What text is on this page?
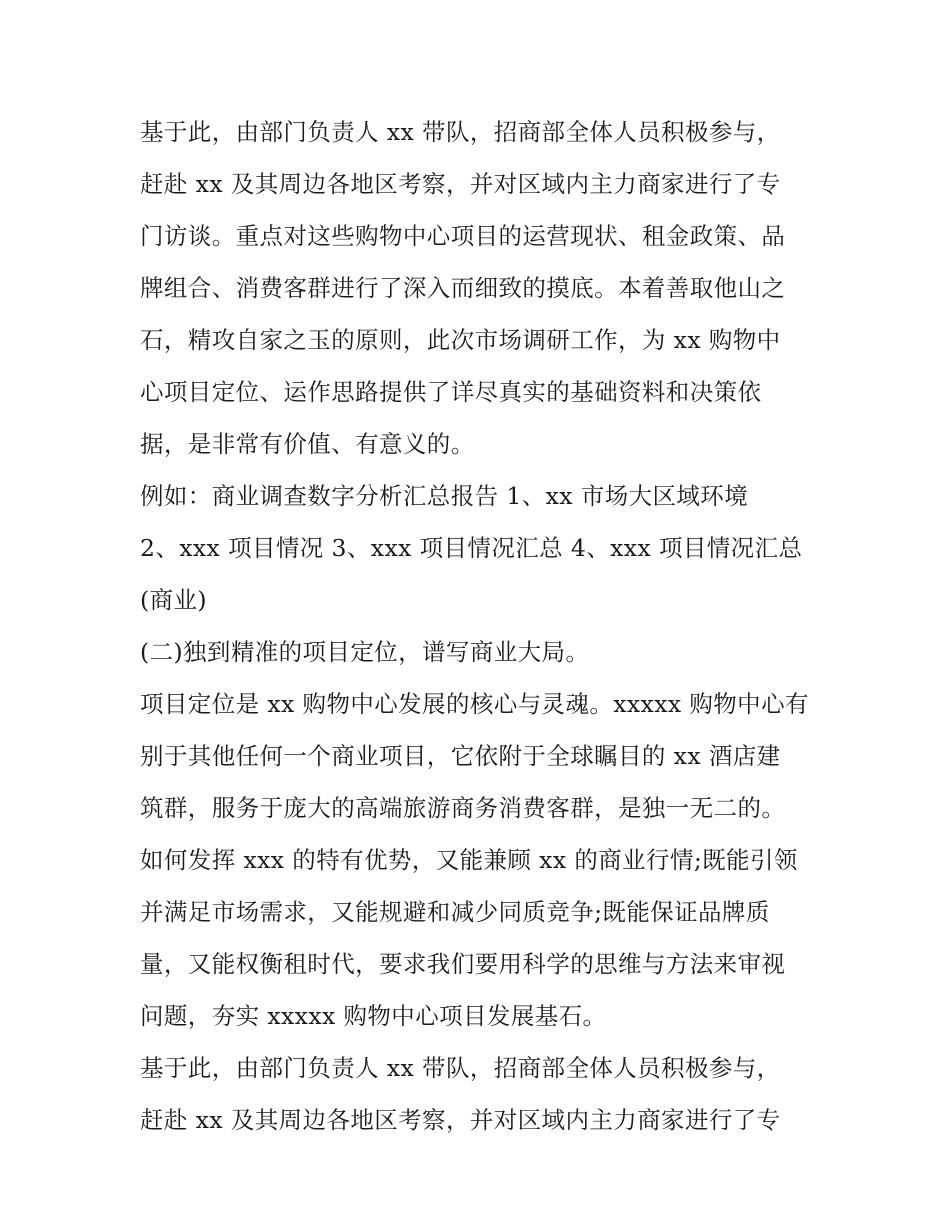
基于此，由部门负责人 xx 带队，招商部全体人员积极参与，
赶赴 xx 及其周边各地区考察，并对区域内主力商家进行了专
门访谈。重点对这些购物中心项目的运营现状、租金政策、品
牌组合、消费客群进行了深入而细致的摸底。本着善取他山之
石，精攻自家之玉的原则，此次市场调研工作，为 xx 购物中
心项目定位、运作思路提供了详尽真实的基础资料和决策依
据，是非常有价值、有意义的。
例如：商业调查数字分析汇总报告 1、xx 市场大区域环境
2、xxx 项目情况 3、xxx 项目情况汇总 4、xxx 项目情况汇总
(商业)
(二)独到精准的项目定位，谱写商业大局。
项目定位是 xx 购物中心发展的核心与灵魂。xxxxx 购物中心有
别于其他任何一个商业项目，它依附于全球瞩目的 xx 酒店建
筑群，服务于庞大的高端旅游商务消费客群，是独一无二的。
如何发挥 xxx 的特有优势，又能兼顾 xx 的商业行情;既能引领
并满足市场需求，又能规避和减少同质竞争;既能保证品牌质
量，又能权衡租时代，要求我们要用科学的思维与方法来审视
问题，夯实 xxxxx 购物中心项目发展基石。
基于此，由部门负责人 xx 带队，招商部全体人员积极参与，
赶赴 xx 及其周边各地区考察，并对区域内主力商家进行了专
